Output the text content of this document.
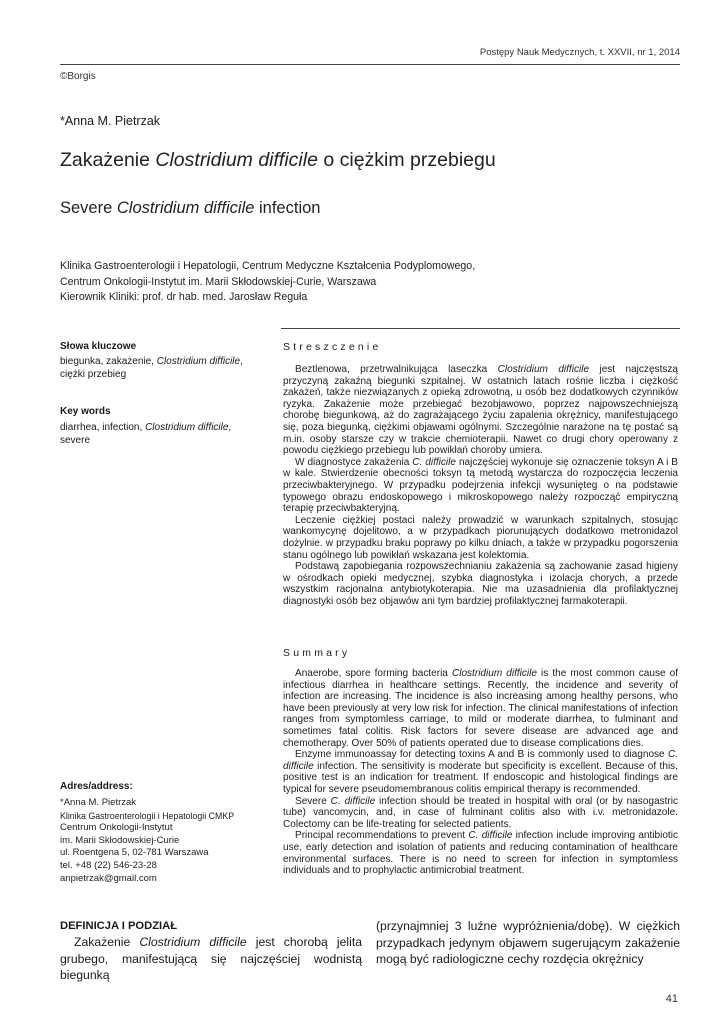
Postępy Nauk Medycznych, t. XXVII, nr 1, 2014
©Borgis
*Anna M. Pietrzak
Zakażenie Clostridium difficile o ciężkim przebiegu
Severe Clostridium difficile infection
Klinika Gastroenterologii i Hepatologii, Centrum Medyczne Kształcenia Podyplomowego,
Centrum Onkologii-Instytut im. Marii Skłodowskiej-Curie, Warszawa
Kierownik Kliniki: prof. dr hab. med. Jarosław Reguła
Słowa kluczowe
biegunka, zakażenie, Clostridium difficile, ciężki przebieg
Key words
diarrhea, infection, Clostridium difficile, severe
Streszczenie

Beztlenowa, przetrwalnikująca laseczka Clostridium difficile jest najczęstszą przyczyną zakaźną biegunki szpitalnej. W ostatnich latach rośnie liczba i ciężkość zakażeń, także niezwiązanych z opieką zdrowotną, u osób bez dodatkowych czynników ryzyka. Zakażenie może przebiegać bezobjawowo, poprzez najpowszechniejszą chorobę biegunkową, aż do zagrażającego życiu zapalenia okrężnicy, manifestującego się, poza biegunką, ciężkimi objawami ogólnymi. Szczególnie narażone na tę postać są m.in. osoby starsze czy w trakcie chemioterapii. Nawet co drugi chory operowany z powodu ciężkiego przebiegu lub powikłań choroby umiera.

W diagnostyce zakażenia C. difficile najczęściej wykonuje się oznaczenie toksyn A i B w kale. Stwierdzenie obecności toksyn tą metodą wystarcza do rozpoczęcia leczenia przeciwbakteryjnego. W przypadku podejrzenia infekcji wysunięteg o na podstawie typowego obrazu endoskopowego i mikroskopowego należy rozpocząć empiryczną terapię przeciwbakteryjną.

Leczenie ciężkiej postaci należy prowadzić w warunkach szpitalnych, stosując wankomycynę dojelitowo, a w przypadkach piorunujących dodatkowo metronidazol dożylnie. w przypadku braku poprawy po kilku dniach, a także w przypadku pogorszenia stanu ogólnego lub powikłań wskazana jest kolektomia.

Podstawą zapobiegania rozpowszechnianiu zakażenia są zachowanie zasad higieny w ośrodkach opieki medycznej, szybka diagnostyka i izolacja chorych, a przede wszystkim racjonalna antybiotykoterapia. Nie ma uzasadnienia dla profilaktycznej diagnostyki osób bez objawów ani tym bardziej profilaktycznej farmakoterapii.

Summary

Anaerobe, spore forming bacteria Clostridium difficile is the most common cause of infectious diarrhea in healthcare settings. Recently, the incidence and severity of infection are increasing. The incidence is also increasing among healthy persons, who have been previously at very low risk for infection. The clinical manifestations of infection ranges from symptomless carriage, to mild or moderate diarrhea, to fulminant and sometimes fatal colitis. Risk factors for severe disease are advanced age and chemotherapy. Over 50% of patients operated due to disease complications dies.

Enzyme immunoassay for detecting toxins A and B is commonly used to diagnose C. difficile infection. The sensitivity is moderate but specificity is excellent. Because of this, positive test is an indication for treatment. If endoscopic and histological findings are typical for severe pseudomembranous colitis empirical therapy is recommended.

Severe C. difficile infection should be treated in hospital with oral (or by nasogastric tube) vancomycin, and, in case of fulminant colitis also with i.v. metronidazole. Colectomy can be life-treating for selected patients.

Principal recommendations to prevent C. difficile infection include improving antibiotic use, early detection and isolation of patients and reducing contamination of healthcare environmental surfaces. There is no need to screen for infection in symptomless individuals and to prophylactic antimicrobial treatment.

Adres/address:
*Anna M. Pietrzak
Klinika Gastroenterologii i Hepatologii CMKP
Centrum Onkologii-Instytut
im. Marii Skłodowskiej-Curie
ul. Roentgena 5, 02-781 Warszawa
tel. +48 (22) 546-23-28
anpietrzak@gmail.com
DEFINICJA I PODZIAŁ

Zakażenie Clostridium difficile jest chorobą jelita grubego, manifestującą się najczęściej wodnistą biegunką

(przynajmniej 3 luźne wypróżnienia/dobę). W ciężkich przypadkach jedynym objawem sugerującym zakażenie mogą być radiologiczne cechy rozdęcia okrężnicy

41
